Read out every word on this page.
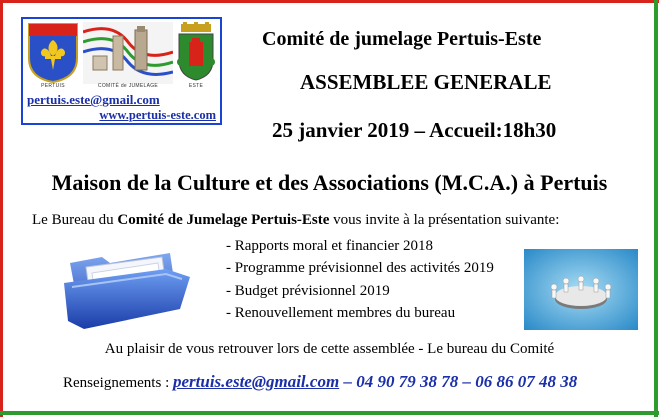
PERTUIS	COMITÉ de JUMELAGE	ESTE
pertuis.este@gmail.com
www.pertuis-este.com
Comité de jumelage Pertuis-Este
ASSEMBLEE GENERALE
25 janvier 2019 – Accueil:18h30
Maison de la Culture et des Associations (M.C.A.) à Pertuis
Le Bureau du Comité de Jumelage Pertuis-Este vous invite à la présentation suivante:
- Rapports moral et financier 2018
- Programme prévisionnel des activités 2019
- Budget prévisionnel 2019
- Renouvellement membres du bureau
Au plaisir de vous retrouver lors de cette assemblée - Le bureau du Comité
Renseignements : pertuis.este@gmail.com – 04 90 79 38 78 – 06 86 07 48 38
